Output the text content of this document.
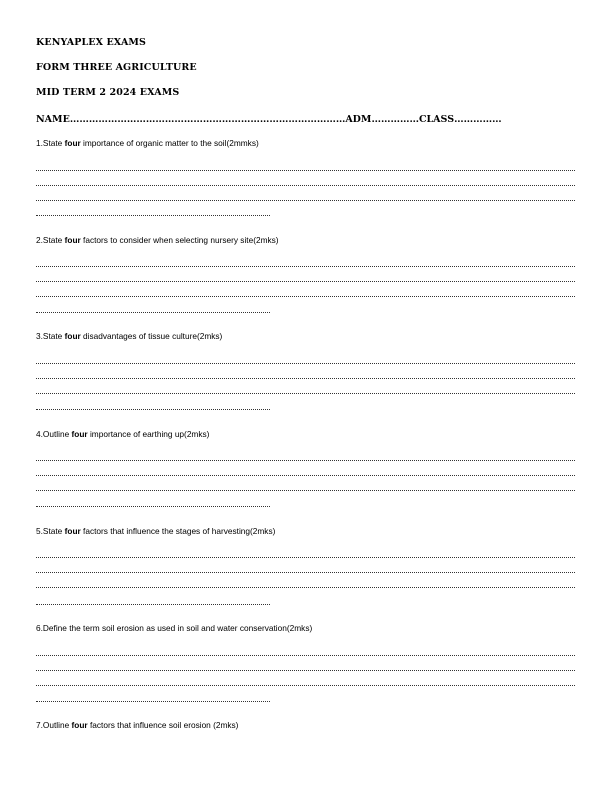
KENYAPLEX EXAMS
FORM THREE AGRICULTURE
MID TERM 2 2024 EXAMS
NAME……………………………………………………………………………ADM……………CLASS……………
1.State four importance of organic matter to the soil(2mmks)
2.State four factors to consider when selecting nursery site(2mks)
3.State four disadvantages of tissue culture(2mks)
4.Outline four importance of earthing up(2mks)
5.State four factors that influence the stages of harvesting(2mks)
6.Define the term soil erosion as used in soil and water conservation(2mks)
7.Outline four factors that influence soil erosion (2mks)
